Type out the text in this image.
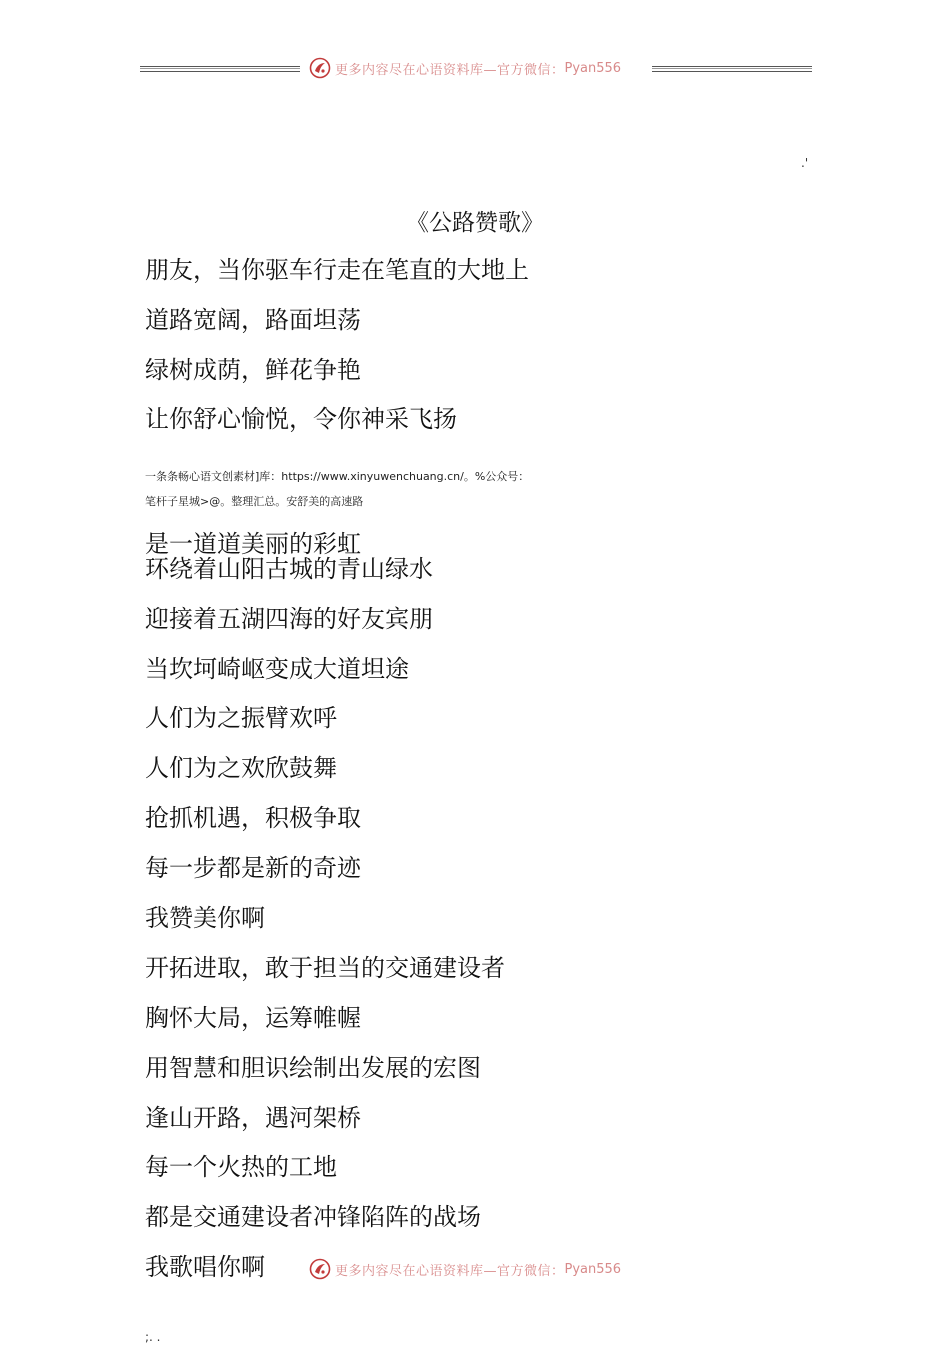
更多内容尽在心语资料库—官方微信： Pyan556
.'
《公路赞歌》
朋友，当你驱车行走在笔直的大地上
道路宽阔，路面坦荡
绿树成荫，鲜花争艳
让你舒心愉悦，令你神采飞扬
一条条畅心语文创素材]库：https://www.xinyuwenchuang.cn/。%公众号：
笔杆子星城>@。整理汇总。安舒美的高速路
是一道道美丽的彩虹
环绕着山阳古城的青山绿水
迎接着五湖四海的好友宾朋
当坎坷崎岖变成大道坦途
人们为之振臂欢呼
人们为之欢欣鼓舞
抢抓机遇，积极争取
每一步都是新的奇迹
我赞美你啊
开拓进取，敢于担当的交通建设者
胸怀大局，运筹帷幄
用智慧和胆识绘制出发展的宏图
逢山开路，遇河架桥
每一个火热的工地
都是交通建设者冲锋陷阵的战场
我歌唱你啊	更多内容尽在心语资料库—官方微信： Pyan556
;. .
